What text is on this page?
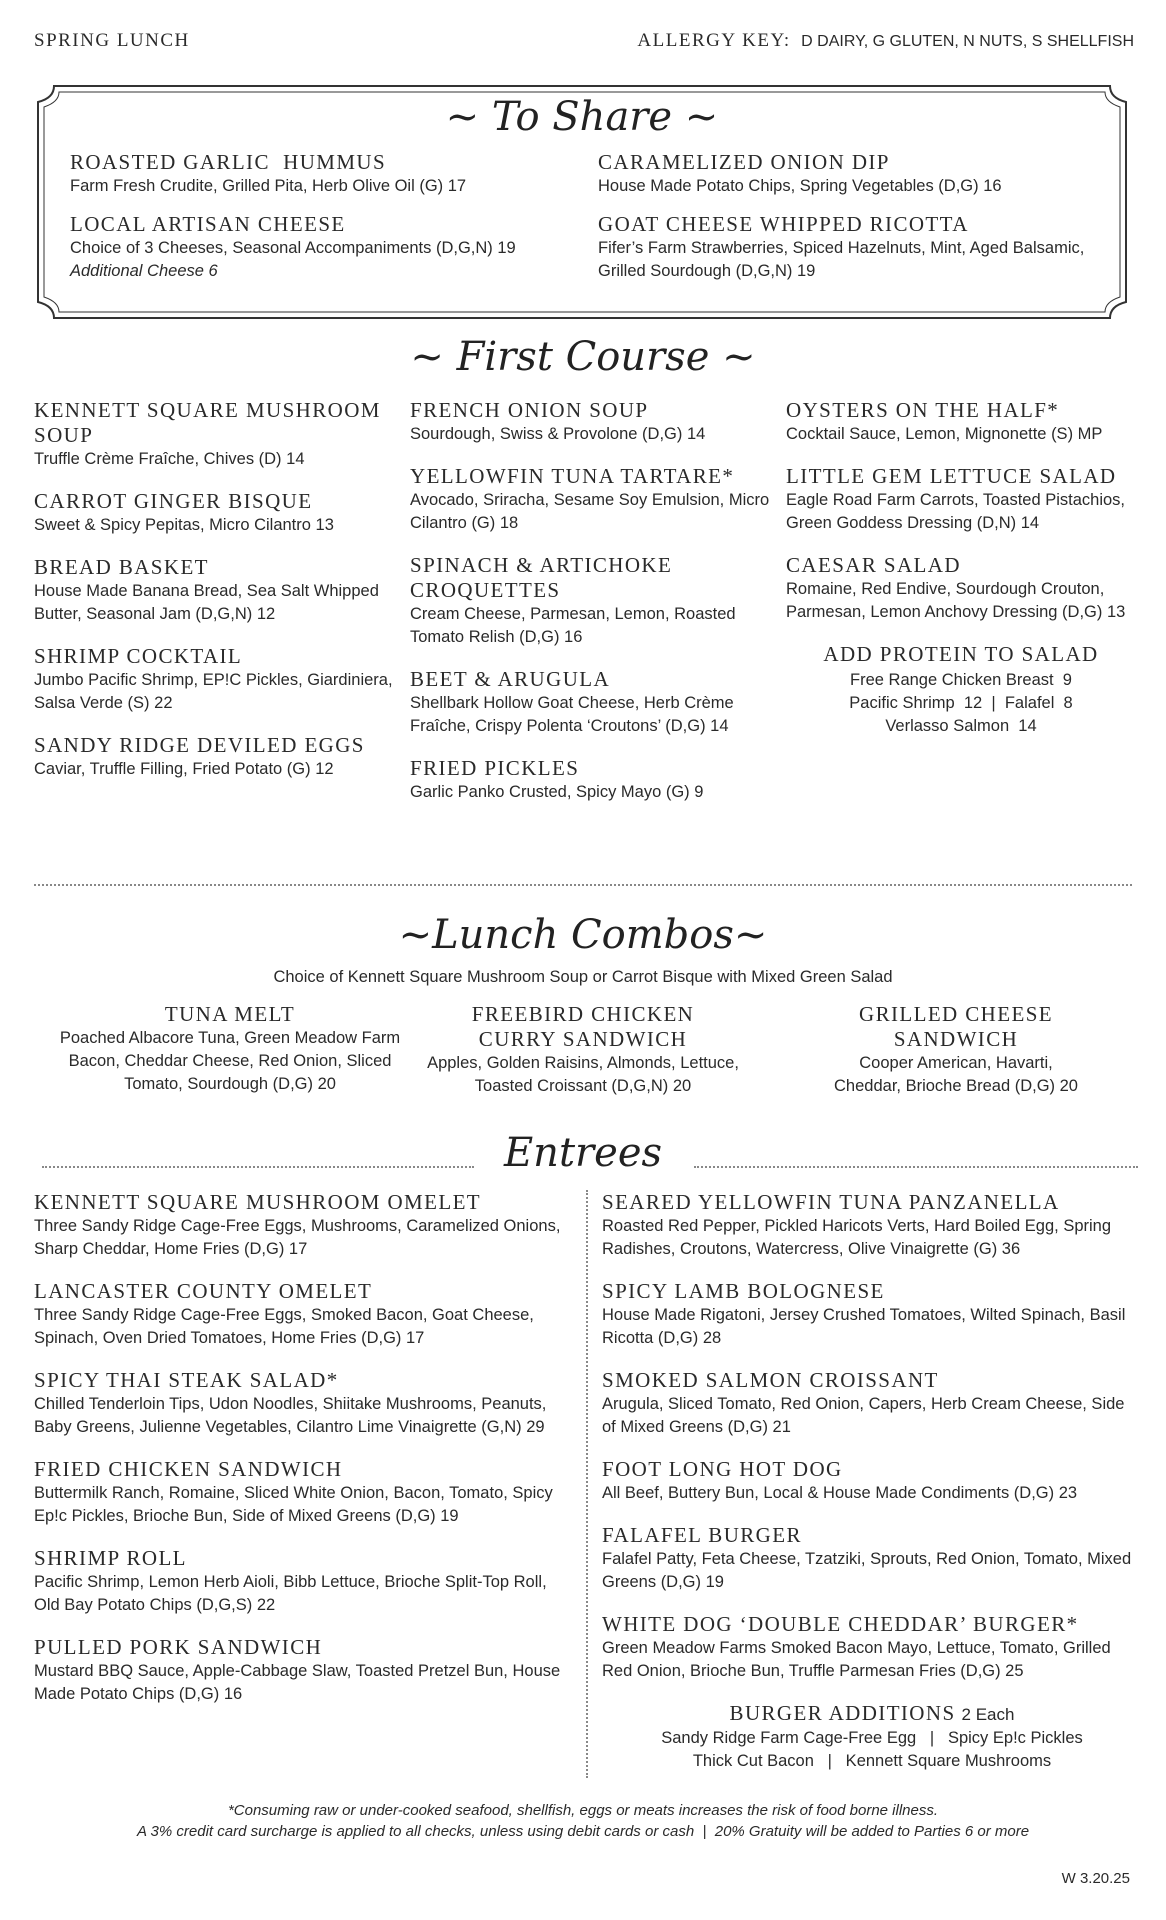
SPRING LUNCH	ALLERGY KEY: D DAIRY, G GLUTEN, N NUTS, S SHELLFISH
~ To Share ~
ROASTED GARLIC  HUMMUS
Farm Fresh Crudite, Grilled Pita, Herb Olive Oil (G) 17
LOCAL ARTISAN CHEESE
Choice of 3 Cheeses, Seasonal Accompaniments (D,G,N) 19
Additional Cheese 6
CARAMELIZED ONION DIP
House Made Potato Chips, Spring Vegetables (D,G) 16
GOAT CHEESE WHIPPED RICOTTA
Fifer’s Farm Strawberries, Spiced Hazelnuts, Mint, Aged Balsamic, Grilled Sourdough (D,G,N) 19
~ First Course ~
KENNETT SQUARE MUSHROOM SOUP
Truffle Crème Fraîche, Chives (D) 14
CARROT GINGER BISQUE
Sweet & Spicy Pepitas, Micro Cilantro 13
BREAD BASKET
House Made Banana Bread, Sea Salt Whipped Butter, Seasonal Jam (D,G,N) 12
SHRIMP COCKTAIL
Jumbo Pacific Shrimp, EP!C Pickles, Giardiniera, Salsa Verde (S) 22
SANDY RIDGE DEVILED EGGS
Caviar, Truffle Filling, Fried Potato (G) 12
FRENCH ONION SOUP
Sourdough, Swiss & Provolone (D,G) 14
YELLOWFIN TUNA TARTARE*
Avocado, Sriracha, Sesame Soy Emulsion, Micro Cilantro (G) 18
SPINACH & ARTICHOKE CROQUETTES
Cream Cheese, Parmesan, Lemon, Roasted Tomato Relish (D,G) 16
BEET & ARUGULA
Shellbark Hollow Goat Cheese, Herb Crème Fraîche, Crispy Polenta ‘Croutons’ (D,G) 14
FRIED PICKLES
Garlic Panko Crusted, Spicy Mayo (G) 9
OYSTERS ON THE HALF*
Cocktail Sauce, Lemon, Mignonette (S) MP
LITTLE GEM LETTUCE SALAD
Eagle Road Farm Carrots, Toasted Pistachios, Green Goddess Dressing (D,N) 14
CAESAR SALAD
Romaine, Red Endive, Sourdough Crouton, Parmesan, Lemon Anchovy Dressing (D,G) 13
ADD PROTEIN TO SALAD
Free Range Chicken Breast  9
Pacific Shrimp  12  |  Falafel  8
Verlasso Salmon  14
~Lunch Combos~
Choice of Kennett Square Mushroom Soup or Carrot Bisque with Mixed Green Salad
TUNA MELT
Poached Albacore Tuna, Green Meadow Farm Bacon, Cheddar Cheese, Red Onion, Sliced Tomato, Sourdough (D,G) 20
FREEBIRD CHICKEN CURRY SANDWICH
Apples, Golden Raisins, Almonds, Lettuce, Toasted Croissant (D,G,N) 20
GRILLED CHEESE SANDWICH
Cooper American, Havarti, Cheddar, Brioche Bread (D,G) 20
Entrees
KENNETT SQUARE MUSHROOM OMELET
Three Sandy Ridge Cage-Free Eggs, Mushrooms, Caramelized Onions, Sharp Cheddar, Home Fries (D,G) 17
LANCASTER COUNTY OMELET
Three Sandy Ridge Cage-Free Eggs, Smoked Bacon, Goat Cheese, Spinach, Oven Dried Tomatoes, Home Fries (D,G) 17
SPICY THAI STEAK SALAD*
Chilled Tenderloin Tips, Udon Noodles, Shiitake Mushrooms, Peanuts, Baby Greens, Julienne Vegetables, Cilantro Lime Vinaigrette (G,N) 29
FRIED CHICKEN SANDWICH
Buttermilk Ranch, Romaine, Sliced White Onion, Bacon, Tomato, Spicy Ep!c Pickles, Brioche Bun, Side of Mixed Greens (D,G) 19
SHRIMP ROLL
Pacific Shrimp, Lemon Herb Aioli, Bibb Lettuce, Brioche Split-Top Roll, Old Bay Potato Chips (D,G,S) 22
PULLED PORK SANDWICH
Mustard BBQ Sauce, Apple-Cabbage Slaw, Toasted Pretzel Bun, House Made Potato Chips (D,G) 16
SEARED YELLOWFIN TUNA PANZANELLA
Roasted Red Pepper, Pickled Haricots Verts, Hard Boiled Egg, Spring Radishes, Croutons, Watercress, Olive Vinaigrette (G) 36
SPICY LAMB BOLOGNESE
House Made Rigatoni, Jersey Crushed Tomatoes, Wilted Spinach, Basil Ricotta (D,G) 28
SMOKED SALMON CROISSANT
Arugula, Sliced Tomato, Red Onion, Capers, Herb Cream Cheese, Side of Mixed Greens (D,G) 21
FOOT LONG HOT DOG
All Beef, Buttery Bun, Local & House Made Condiments (D,G) 23
FALAFEL BURGER
Falafel Patty, Feta Cheese, Tzatziki, Sprouts, Red Onion, Tomato, Mixed Greens (D,G) 19
WHITE DOG ‘DOUBLE CHEDDAR’ BURGER*
Green Meadow Farms Smoked Bacon Mayo, Lettuce, Tomato, Grilled Red Onion, Brioche Bun, Truffle Parmesan Fries (D,G) 25
BURGER ADDITIONS 2 Each
Sandy Ridge Farm Cage-Free Egg   |   Spicy Ep!c Pickles
Thick Cut Bacon   |   Kennett Square Mushrooms
*Consuming raw or under-cooked seafood, shellfish, eggs or meats increases the risk of food borne illness.
A 3% credit card surcharge is applied to all checks, unless using debit cards or cash  |  20% Gratuity will be added to Parties 6 or more
W 3.20.25
